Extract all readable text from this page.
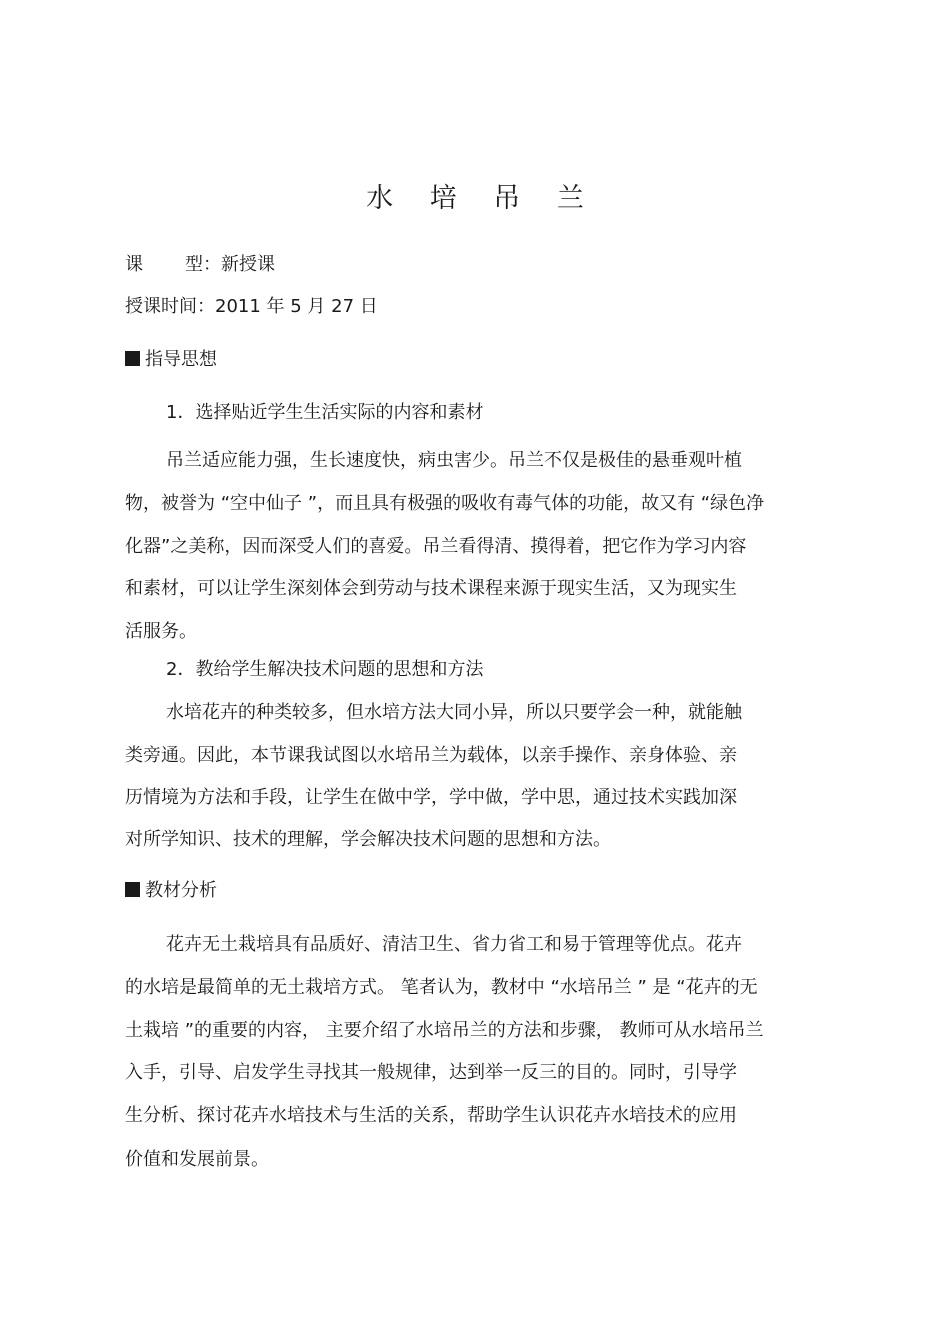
水 培 吊 兰
课 型：新授课
授课时间：2011 年 5 月 27 日
指导思想
1．选择贴近学生生活实际的内容和素材
吊兰适应能力强，生长速度快，病虫害少。吊兰不仅是极佳的悬垂观叶植
物，被誉为 “空中仙子 ”，而且具有极强的吸收有毒气体的功能，故又有 “绿色净
化器”之美称，因而深受人们的喜爱。吊兰看得清、摸得着，把它作为学习内容
和素材，可以让学生深刻体会到劳动与技术课程来源于现实生活，又为现实生
活服务。
2．教给学生解决技术问题的思想和方法
水培花卉的种类较多，但水培方法大同小异，所以只要学会一种，就能触
类旁通。因此，本节课我试图以水培吊兰为载体，以亲手操作、亲身体验、亲
历情境为方法和手段，让学生在做中学，学中做，学中思，通过技术实践加深
对所学知识、技术的理解，学会解决技术问题的思想和方法。
教材分析
花卉无土栽培具有品质好、清洁卫生、省力省工和易于管理等优点。花卉
的水培是最简单的无土栽培方式。 笔者认为，教材中 “水培吊兰 ” 是 “花卉的无
土栽培 ”的重要的内容， 主要介绍了水培吊兰的方法和步骤， 教师可从水培吊兰
入手，引导、启发学生寻找其一般规律，达到举一反三的目的。同时，引导学
生分析、探讨花卉水培技术与生活的关系，帮助学生认识花卉水培技术的应用
价值和发展前景。
